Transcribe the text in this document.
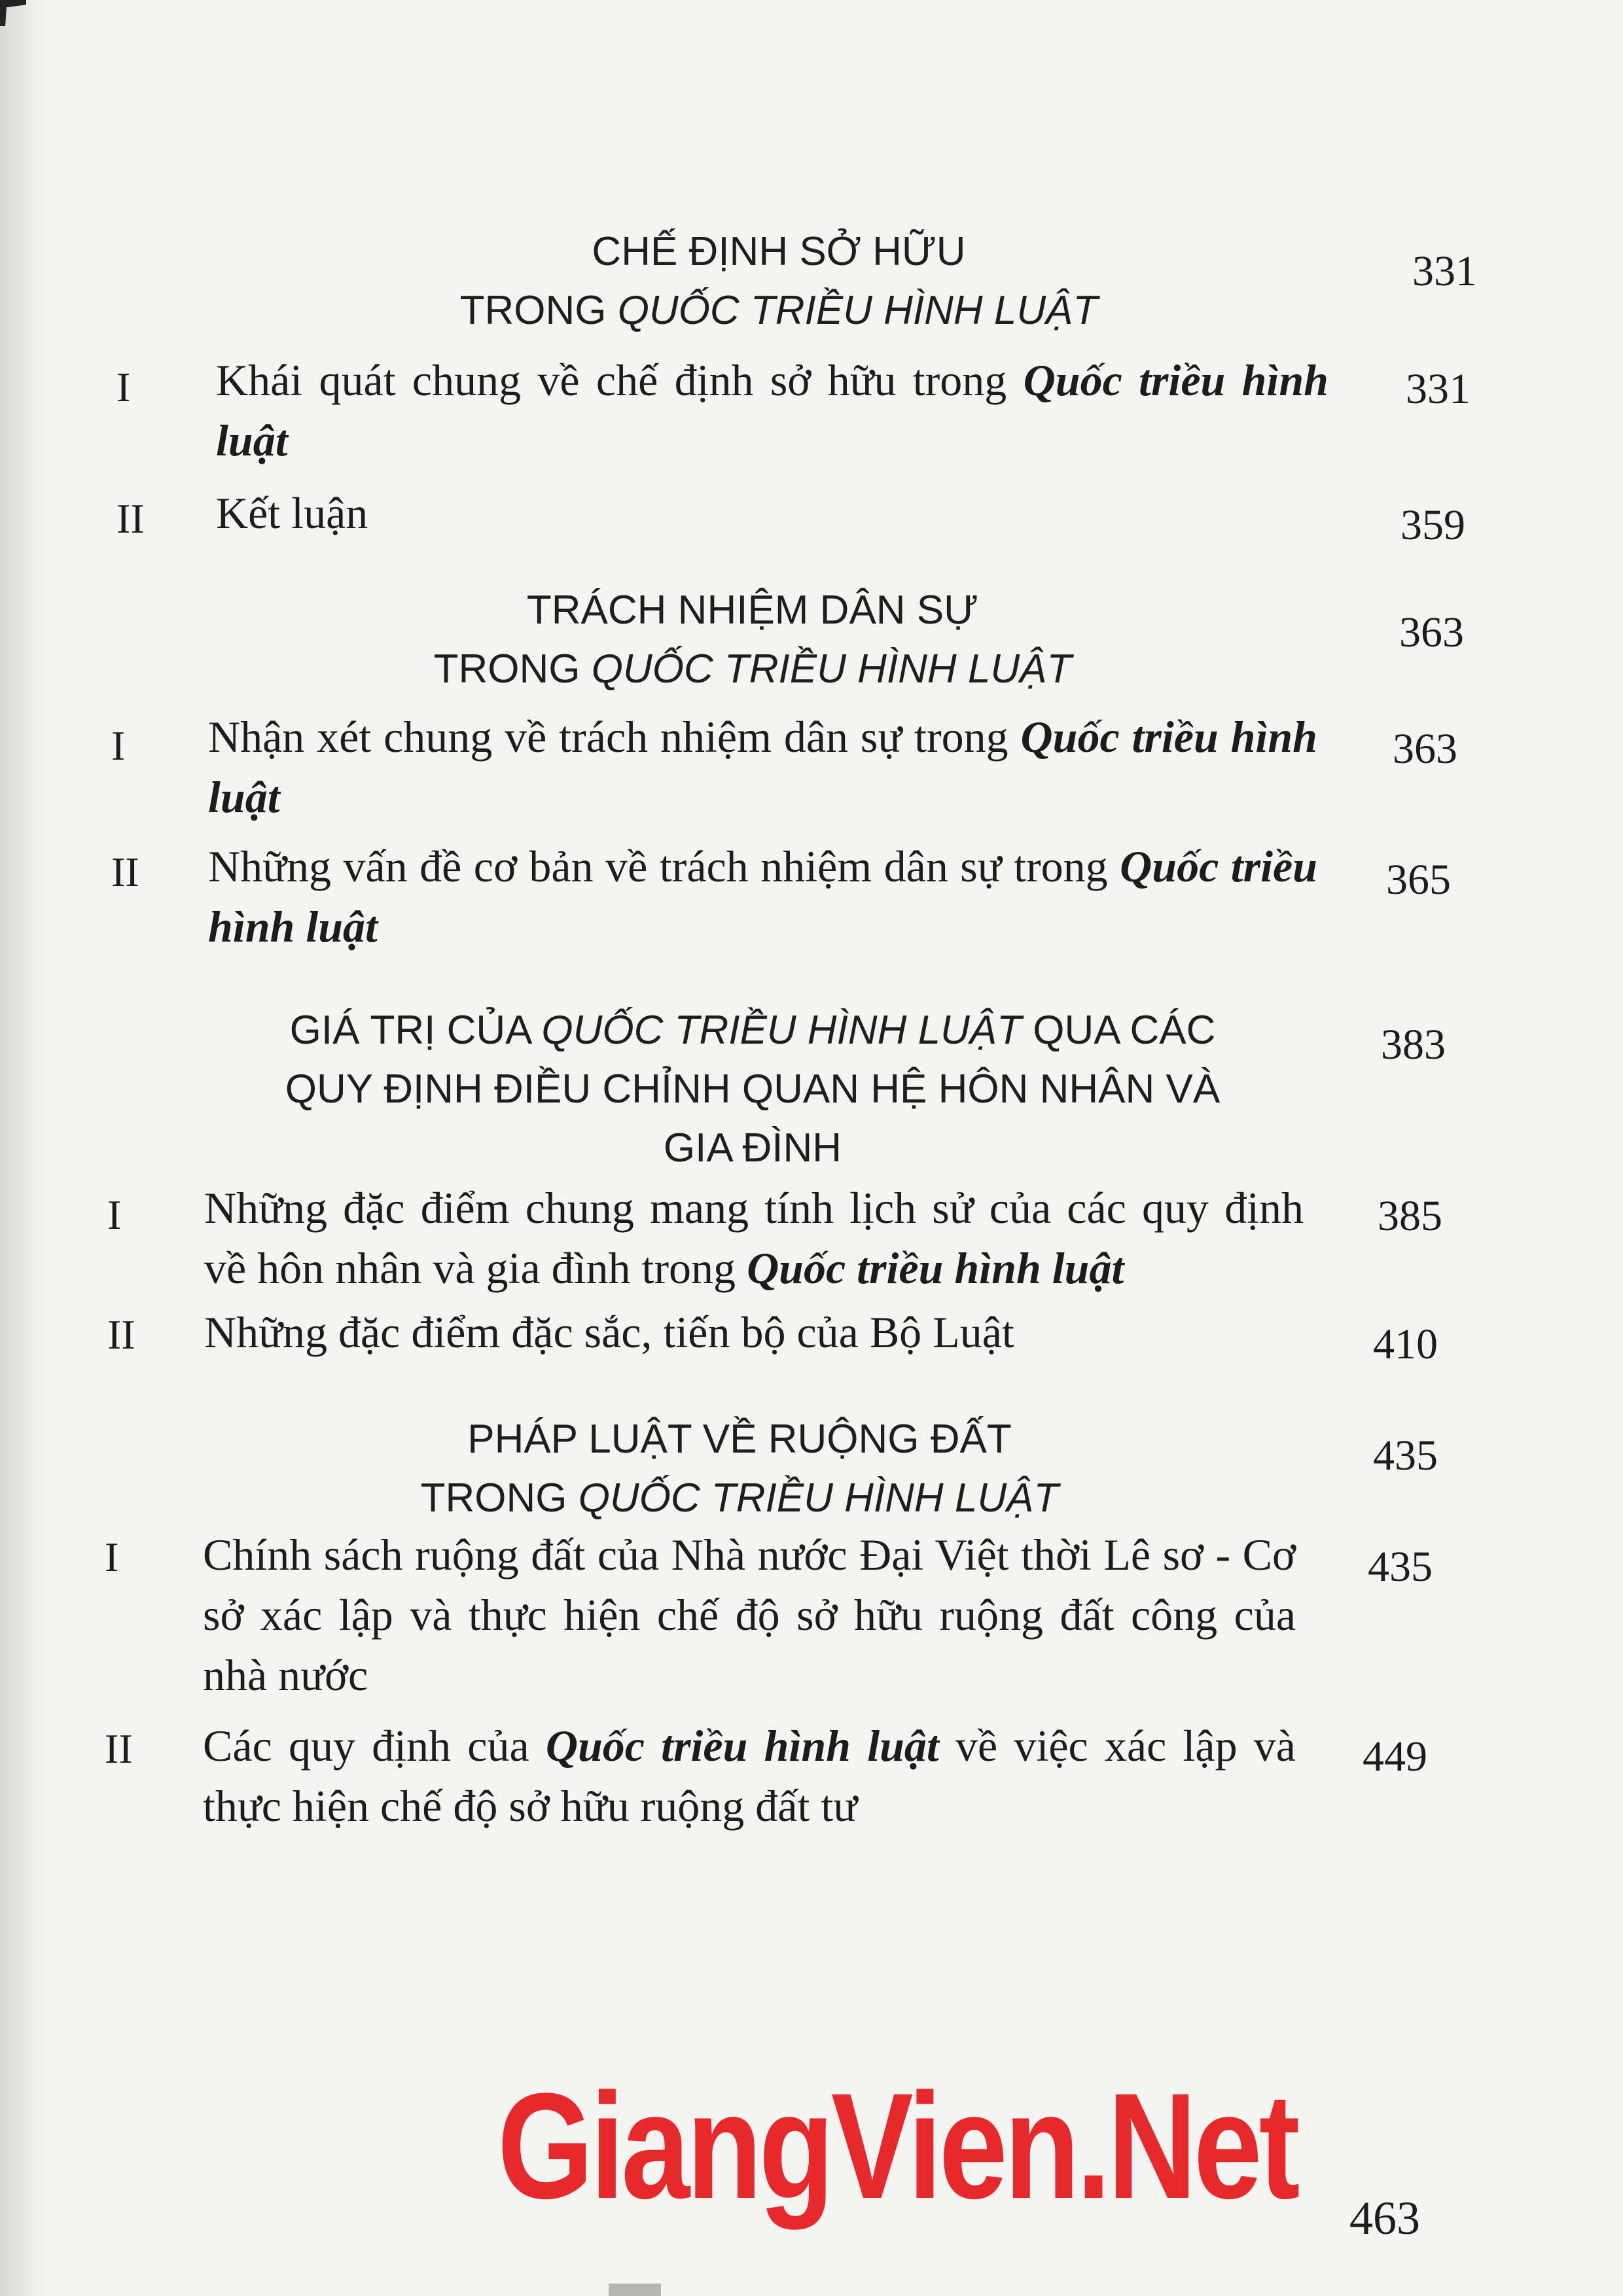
CHẾ ĐỊNH SỞ HỮU
TRONG QUỐC TRIỀU HÌNH LUẬT
331
I Khái quát chung về chế định sở hữu trong Quốc triều hình luật
331
II Kết luận	359
TRÁCH NHIỆM DÂN SỰ
TRONG QUỐC TRIỀU HÌNH LUẬT
363
I Nhận xét chung về trách nhiệm dân sự trong Quốc triều hình luật
363
II Những vấn đề cơ bản về trách nhiệm dân sự trong Quốc triều hình luật
365
GIÁ TRỊ CỦA QUỐC TRIỀU HÌNH LUẬT QUA CÁC
QUY ĐỊNH ĐIỀU CHỈNH QUAN HỆ HÔN NHÂN VÀ
GIA ĐÌNH
383
I Những đặc điểm chung mang tính lịch sử của các quy định về hôn nhân và gia đình trong Quốc triều hình luật
385
II Những đặc điểm đặc sắc, tiến bộ của Bộ Luật	410
PHÁP LUẬT VỀ RUỘNG ĐẤT
TRONG QUỐC TRIỀU HÌNH LUẬT
435
I Chính sách ruộng đất của Nhà nước Đại Việt thời Lê sơ - Cơ sở xác lập và thực hiện chế độ sở hữu ruộng đất công của nhà nước
435
II Các quy định của Quốc triều hình luật về việc xác lập và thực hiện chế độ sở hữu ruộng đất tư
449
GiangVien.Net 463
